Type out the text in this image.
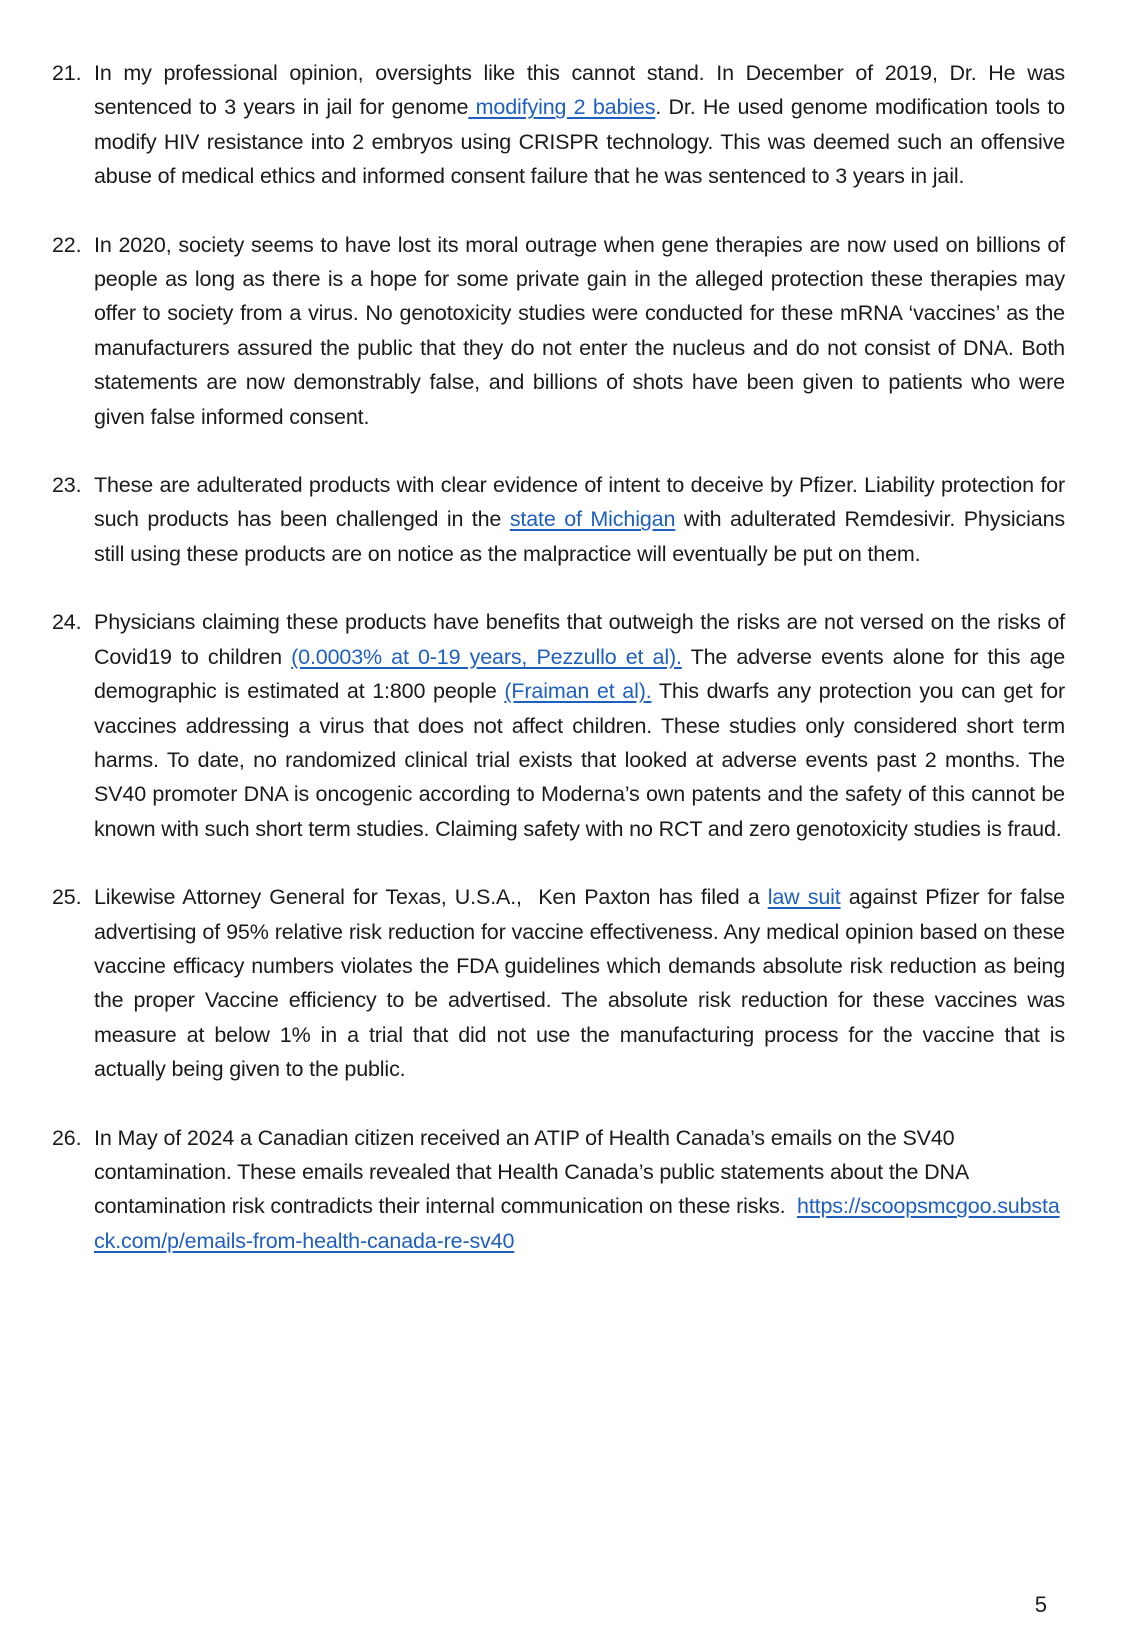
21. In my professional opinion, oversights like this cannot stand. In December of 2019, Dr. He was sentenced to 3 years in jail for genome modifying 2 babies. Dr. He used genome modification tools to modify HIV resistance into 2 embryos using CRISPR technology. This was deemed such an offensive abuse of medical ethics and informed consent failure that he was sentenced to 3 years in jail.
22. In 2020, society seems to have lost its moral outrage when gene therapies are now used on billions of people as long as there is a hope for some private gain in the alleged protection these therapies may offer to society from a virus. No genotoxicity studies were conducted for these mRNA ‘vaccines’ as the manufacturers assured the public that they do not enter the nucleus and do not consist of DNA. Both statements are now demonstrably false, and billions of shots have been given to patients who were given false informed consent.
23. These are adulterated products with clear evidence of intent to deceive by Pfizer. Liability protection for such products has been challenged in the state of Michigan with adulterated Remdesivir. Physicians still using these products are on notice as the malpractice will eventually be put on them.
24. Physicians claiming these products have benefits that outweigh the risks are not versed on the risks of Covid19 to children (0.0003% at 0-19 years, Pezzullo et al). The adverse events alone for this age demographic is estimated at 1:800 people (Fraiman et al). This dwarfs any protection you can get for vaccines addressing a virus that does not affect children. These studies only considered short term harms. To date, no randomized clinical trial exists that looked at adverse events past 2 months. The SV40 promoter DNA is oncogenic according to Moderna’s own patents and the safety of this cannot be known with such short term studies. Claiming safety with no RCT and zero genotoxicity studies is fraud.
25. Likewise Attorney General for Texas, U.S.A.,  Ken Paxton has filed a law suit against Pfizer for false advertising of 95% relative risk reduction for vaccine effectiveness. Any medical opinion based on these vaccine efficacy numbers violates the FDA guidelines which demands absolute risk reduction as being the proper Vaccine efficiency to be advertised. The absolute risk reduction for these vaccines was measure at below 1% in a trial that did not use the manufacturing process for the vaccine that is actually being given to the public.
26. In May of 2024 a Canadian citizen received an ATIP of Health Canada’s emails on the SV40 contamination. These emails revealed that Health Canada’s public statements about the DNA contamination risk contradicts their internal communication on these risks.  https://scoopsmcgoo.substack.com/p/emails-from-health-canada-re-sv40
5
